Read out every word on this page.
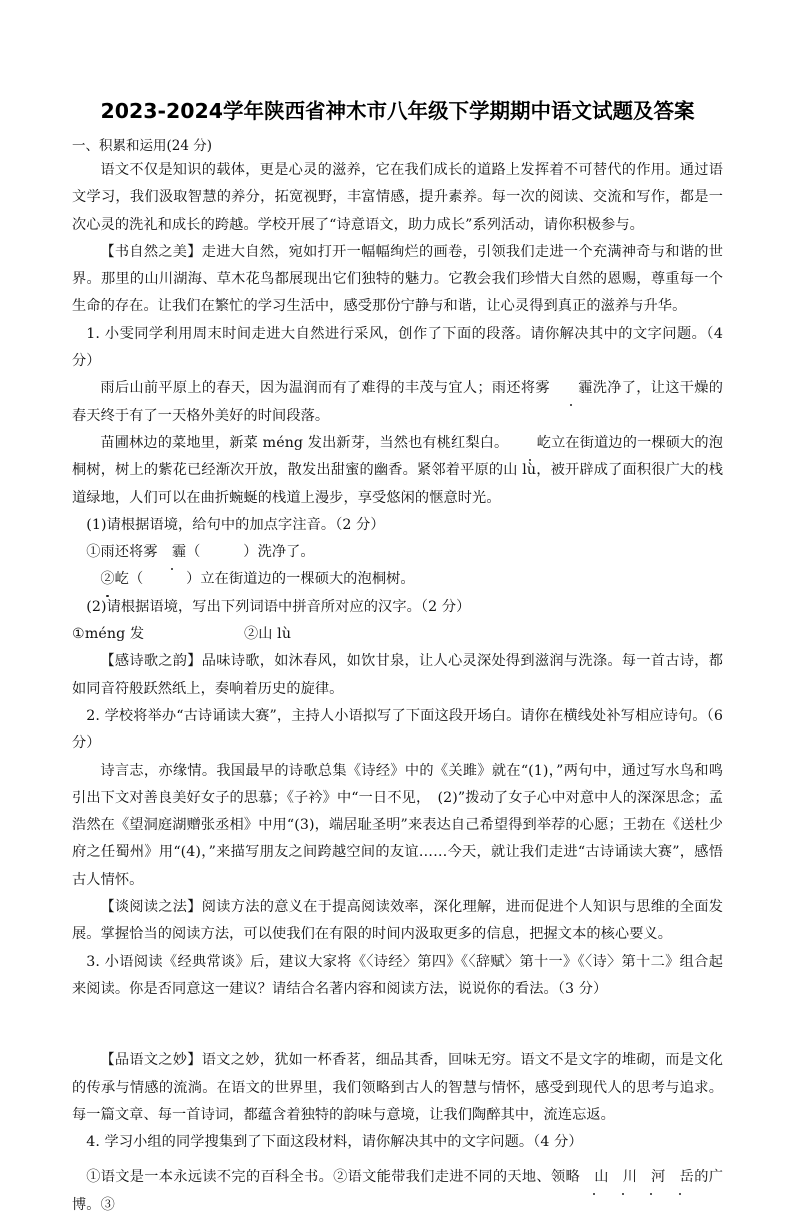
2023-2024学年陕西省神木市八年级下学期期中语文试题及答案
一、积累和运用(24 分)

语文不仅是知识的载体，更是心灵的滋养，它在我们成长的道路上发挥着不可替代的作用。通过语文学习，我们汲取智慧的养分，拓宽视野，丰富情感，提升素养。每一次的阅读、交流和写作，都是一次心灵的洗礼和成长的跨越。学校开展了“诗意语文，助力成长”系列活动，请你积极参与。

【书自然之美】走进大自然，宛如打开一幅幅绚烂的画卷，引领我们走进一个充满神奇与和谐的世界。那里的山川湖海、草木花鸟都展现出它们独特的魅力。它教会我们珍惜大自然的恩赐，尊重每一个生命的存在。让我们在繁忙的学习生活中，感受那份宁静与和谐，让心灵得到真正的滋养与升华。

1. 小雯同学利用周末时间走进大自然进行采风，创作了下面的段落。请你解决其中的文字问题。（4 分）

雨后山前平原上的春天，因为温润而有了难得的丰茂与宜人；雨还将雾 霾洗净了，让这干燥的春天终于有了一天格外美好的时间段落。

苗圃林边的菜地里，新菜 méng 发出新芽，当然也有桃红梨白。 屹立在街道边的一棵硕大的泡桐树，树上的紫花已经渐次开放，散发出甜蜜的幽香。紧邻着平原的山 lù，被开辟成了面积很广大的栈道绿地，人们可以在曲折蜿蜒的栈道上漫步，享受悠闲的惬意时光。

(1)请根据语境，给句中的加点字注音。（2 分）

①雨还将雾 霾（　　　）洗净了。

②屹（　　　）立在街道边的一棵硕大的泡桐树。

(2)请根据语境，写出下列词语中拼音所对应的汉字。（2 分）

①méng 发	②山 lù

【感诗歌之韵】品味诗歌，如沐春风，如饮甘泉，让人心灵深处得到滋润与洗涤。每一首古诗，都如同音符般跃然纸上，奏响着历史的旋律。

2. 学校将举办“古诗诵读大赛”，主持人小语拟写了下面这段开场白。请你在横线处补写相应诗句。（6 分）

诗言志，亦缘情。我国最早的诗歌总集《诗经》中的《关雎》就在“(1)，”两句中，通过写水鸟和鸣引出下文对善良美好女子的思慕；《子衿》中“一日不见，　(2)”拨动了女子心中对意中人的深深思念；孟浩然在《望洞庭湖赠张丞相》中用“(3)，端居耻圣明”来表达自己希望得到举荐的心愿；王勃在《送杜少府之任蜀州》用“(4)，”来描写朋友之间跨越空间的友谊……今天，就让我们走进“古诗诵读大赛”，感悟古人情怀。

【谈阅读之法】阅读方法的意义在于提高阅读效率，深化理解，进而促进个人知识与思维的全面发展。掌握恰当的阅读方法，可以使我们在有限的时间内汲取更多的信息，把握文本的核心要义。

3. 小语阅读《经典常谈》后，建议大家将《〈诗经〉第四》《〈辞赋〉第十一》《〈诗〉第十二》组合起来阅读。你是否同意这一建议？请结合名著内容和阅读方法，说说你的看法。（3 分）

【品语文之妙】语文之妙，犹如一杯香茗，细品其香，回味无穷。语文不是文字的堆砌，而是文化的传承与情感的流淌。在语文的世界里，我们领略到古人的智慧与情怀，感受到现代人的思考与追求。每一篇文章、每一首诗词，都蕴含着独特的韵味与意境，让我们陶醉其中，流连忘返。

4. 学习小组的同学搜集到了下面这段材料，请你解决其中的文字问题。（4 分）

①语文是一本永远读不完的百科全书。②语文能带我们走进不同的天地、领略 山 川 河 岳的广博。③
